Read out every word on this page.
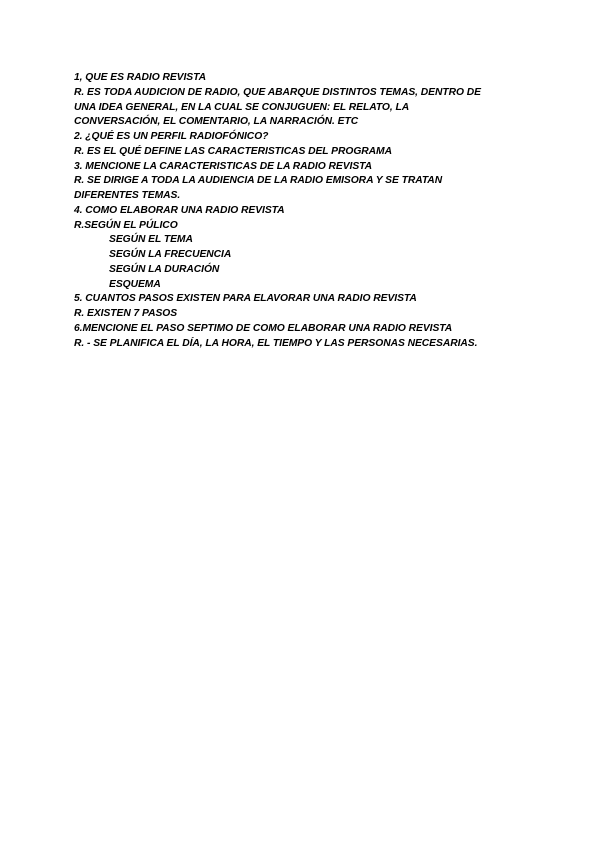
1, QUE ES RADIO REVISTA
R. ES TODA AUDICION DE RADIO, QUE ABARQUE DISTINTOS TEMAS, DENTRO DE
UNA IDEA GENERAL, EN LA CUAL SE CONJUGUEN: EL RELATO, LA
CONVERSACIÓN, EL COMENTARIO, LA NARRACIÓN. ETC
2. ¿QUÉ ES UN PERFIL RADIOFÓNICO?
R. ES EL QUÉ DEFINE LAS CARACTERISTICAS DEL PROGRAMA
3. MENCIONE LA CARACTERISTICAS DE LA RADIO REVISTA
R. SE DIRIGE A TODA LA AUDIENCIA DE LA RADIO EMISORA Y SE TRATAN
DIFERENTES TEMAS.
4. COMO ELABORAR UNA RADIO REVISTA
R.SEGÚN EL PÚLICO
SEGÚN EL TEMA
SEGÚN LA FRECUENCIA
SEGÚN LA DURACIÓN
ESQUEMA
5. CUANTOS PASOS EXISTEN PARA ELAVORAR UNA RADIO REVISTA
R. EXISTEN 7 PASOS
6.MENCIONE EL PASO SEPTIMO DE COMO ELABORAR UNA RADIO REVISTA
R. - SE PLANIFICA EL DÍA, LA HORA, EL TIEMPO Y LAS PERSONAS NECESARIAS.
